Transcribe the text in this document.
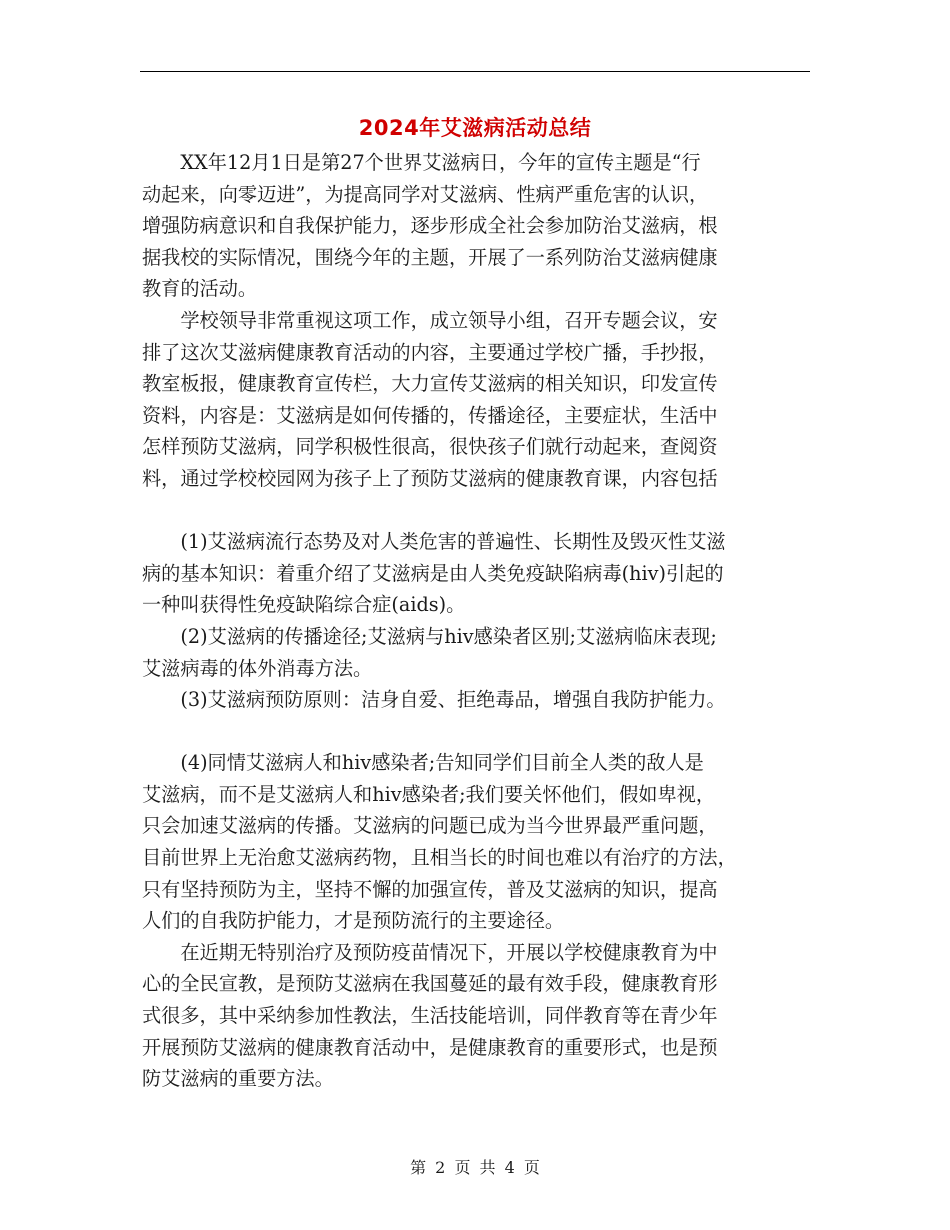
2024年艾滋病活动总结
　　XX年12月1日是第27个世界艾滋病日，今年的宣传主题是“行
动起来，向零迈进”，为提高同学对艾滋病、性病严重危害的认识，
增强防病意识和自我保护能力，逐步形成全社会参加防治艾滋病，根
据我校的实际情况，围绕今年的主题，开展了一系列防治艾滋病健康
教育的活动。
　　学校领导非常重视这项工作，成立领导小组，召开专题会议，安
排了这次艾滋病健康教育活动的内容，主要通过学校广播，手抄报，
教室板报，健康教育宣传栏，大力宣传艾滋病的相关知识，印发宣传
资料，内容是：艾滋病是如何传播的，传播途径，主要症状，生活中
怎样预防艾滋病，同学积极性很高，很快孩子们就行动起来，查阅资
料，通过学校校园网为孩子上了预防艾滋病的健康教育课，内容包括
　　(1)艾滋病流行态势及对人类危害的普遍性、长期性及毁灭性艾滋
病的基本知识：着重介绍了艾滋病是由人类免疫缺陷病毒(hiv)引起的
一种叫获得性免疫缺陷综合症(aids)。
　　(2)艾滋病的传播途径;艾滋病与hiv感染者区别;艾滋病临床表现;
艾滋病毒的体外消毒方法。
　　(3)艾滋病预防原则：洁身自爱、拒绝毒品，增强自我防护能力。
　　(4)同情艾滋病人和hiv感染者;告知同学们目前全人类的敌人是
艾滋病，而不是艾滋病人和hiv感染者;我们要关怀他们，假如卑视，
只会加速艾滋病的传播。艾滋病的问题已成为当今世界最严重问题，
目前世界上无治愈艾滋病药物，且相当长的时间也难以有治疗的方法，
只有坚持预防为主，坚持不懈的加强宣传，普及艾滋病的知识，提高
人们的自我防护能力，才是预防流行的主要途径。
　　在近期无特别治疗及预防疫苗情况下，开展以学校健康教育为中
心的全民宣教，是预防艾滋病在我国蔓延的最有效手段，健康教育形
式很多，其中采纳参加性教法，生活技能培训，同伴教育等在青少年
开展预防艾滋病的健康教育活动中，是健康教育的重要形式，也是预
防艾滋病的重要方法。
第 2 页 共 4 页
